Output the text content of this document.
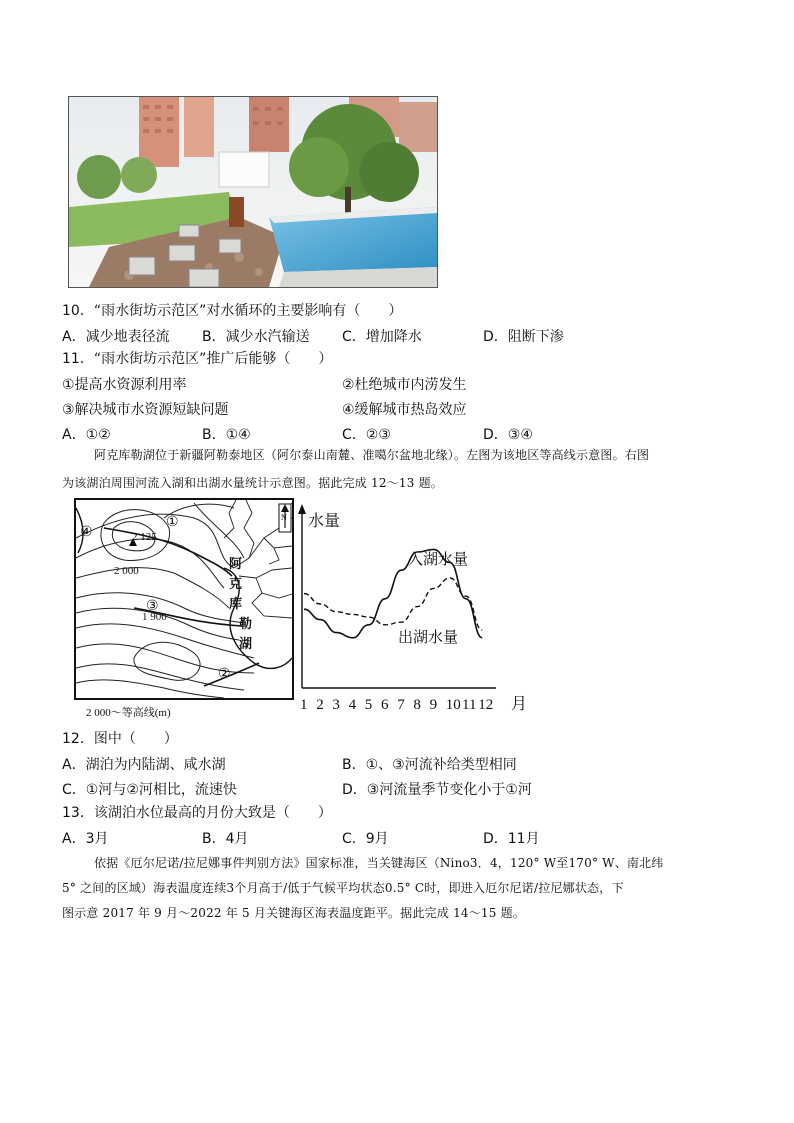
10．“雨水街坊示范区”对水循环的主要影响有（　　）
A．减少地表径流 B．减少水汽输送 C．增加降水	D．阻断下渗
11．“雨水街坊示范区”推广后能够（　　）
①提高水资源利用率	②杜绝城市内涝发生
③解决城市水资源短缺问题	④缓解城市热岛效应
A．①②	B．①④	C．②③	D．③④
阿克库勒湖位于新疆阿勒泰地区（阿尔泰山南麓、准噶尔盆地北缘）。左图为该地区等高线示意图。右图
为该湖泊周围河流入湖和出湖水量统计示意图。据此完成 12～13 题。
N
2 125
2 000
1 900
①
②
③
④
阿
克
库
勒
湖
2 000～等高线(m)
水量
月
入湖水量
出湖水量
1 2 3 4 5 6 7 8 9 10 11 12
12．图中（　　）
A．湖泊为内陆湖、咸水湖	B．①、③河流补给类型相同
C．①河与②河相比，流速快	D．③河流量季节变化小于①河
13．该湖泊水位最高的月份大致是（　　）
A．3月	B．4月	C．9月	D．11月
依据《厄尔尼诺/拉尼娜事件判别方法》国家标准，当关键海区（Nino3．4，120° W至170° W、南北纬
5° 之间的区域）海表温度连续3个月高于/低于气候平均状态0.5° C时，即进入厄尔尼诺/拉尼娜状态，下
图示意 2017 年 9 月～2022 年 5 月关键海区海表温度距平。据此完成 14～15 题。
